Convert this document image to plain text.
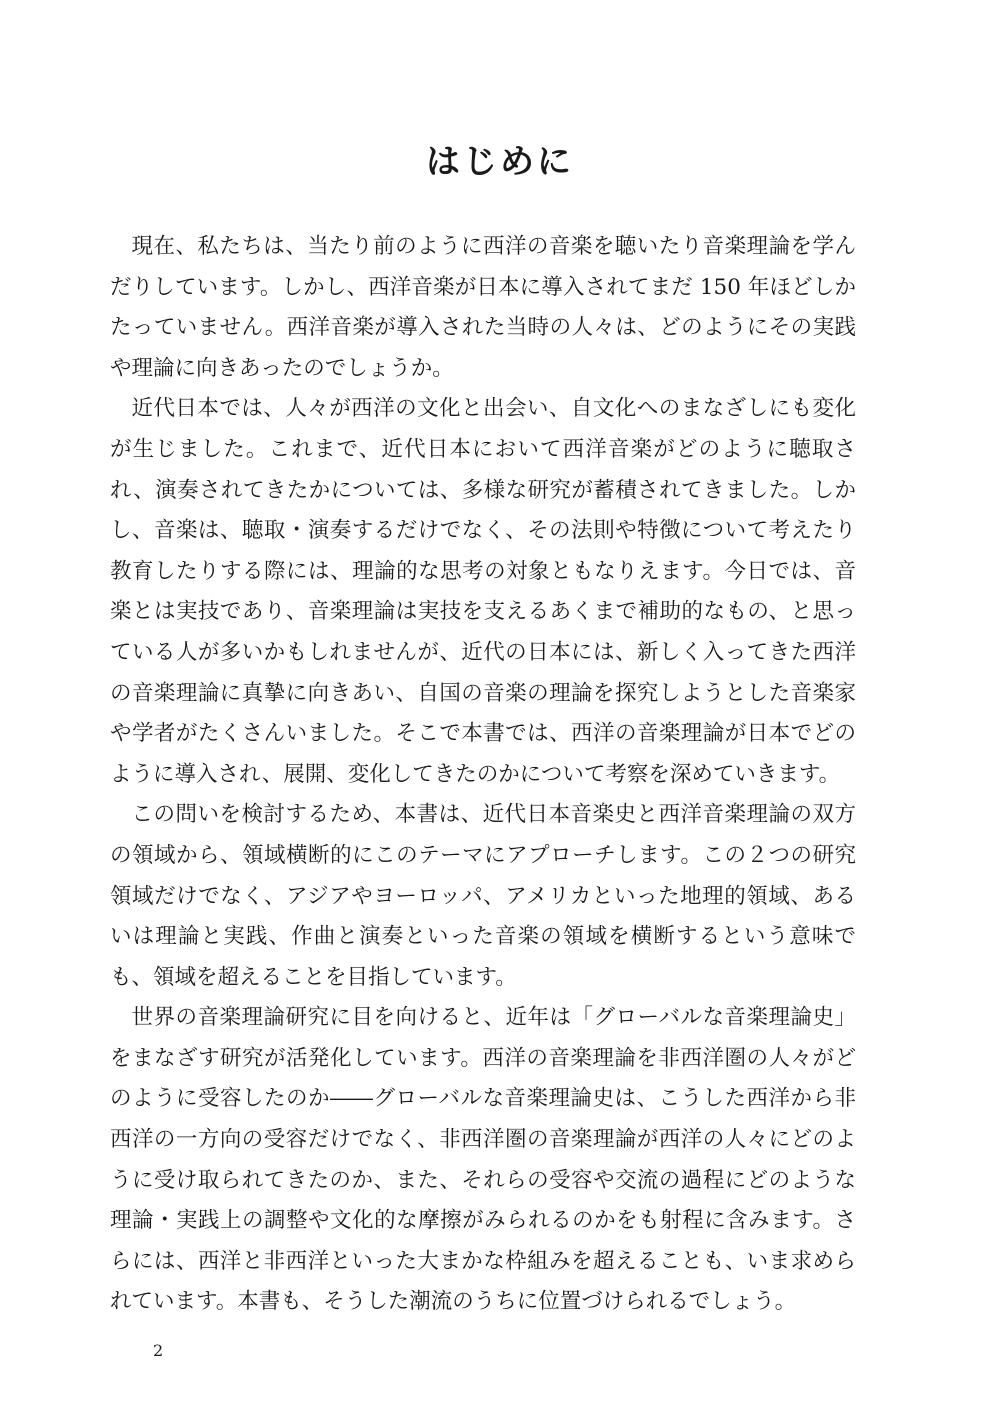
はじめに
現在、私たちは、当たり前のように西洋の音楽を聴いたり音楽理論を学ん
だりしています。しかし、西洋音楽が日本に導入されてまだ 150 年ほどしか
たっていません。西洋音楽が導入された当時の人々は、どのようにその実践
や理論に向きあったのでしょうか。
近代日本では、人々が西洋の文化と出会い、自文化へのまなざしにも変化
が生じました。これまで、近代日本において西洋音楽がどのように聴取さ
れ、演奏されてきたかについては、多様な研究が蓄積されてきました。しか
し、音楽は、聴取・演奏するだけでなく、その法則や特徴について考えたり
教育したりする際には、理論的な思考の対象ともなりえます。今日では、音
楽とは実技であり、音楽理論は実技を支えるあくまで補助的なもの、と思っ
ている人が多いかもしれませんが、近代の日本には、新しく入ってきた西洋
の音楽理論に真摯に向きあい、自国の音楽の理論を探究しようとした音楽家
や学者がたくさんいました。そこで本書では、西洋の音楽理論が日本でどの
ように導入され、展開、変化してきたのかについて考察を深めていきます。
この問いを検討するため、本書は、近代日本音楽史と西洋音楽理論の双方
の領域から、領域横断的にこのテーマにアプローチします。この２つの研究
領域だけでなく、アジアやヨーロッパ、アメリカといった地理的領域、ある
いは理論と実践、作曲と演奏といった音楽の領域を横断するという意味で
も、領域を超えることを目指しています。
世界の音楽理論研究に目を向けると、近年は「グローバルな音楽理論史」
をまなざす研究が活発化しています。西洋の音楽理論を非西洋圏の人々がど
のように受容したのか――グローバルな音楽理論史は、こうした西洋から非
西洋の一方向の受容だけでなく、非西洋圏の音楽理論が西洋の人々にどのよ
うに受け取られてきたのか、また、それらの受容や交流の過程にどのような
理論・実践上の調整や文化的な摩擦がみられるのかをも射程に含みます。さ
らには、西洋と非西洋といった大まかな枠組みを超えることも、いま求めら
れています。本書も、そうした潮流のうちに位置づけられるでしょう。

2
